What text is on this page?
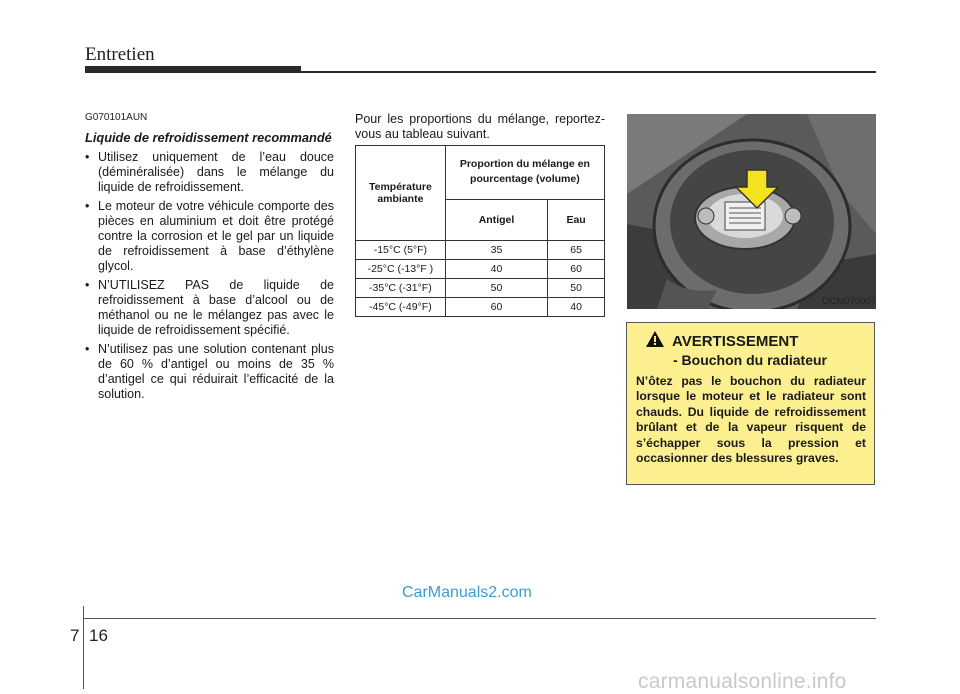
Entretien
G070101AUN
Liquide de refroidissement recommandé
• Utilisez uniquement de l’eau douce (déminéralisée) dans le mélange du liquide de refroidissement.
• Le moteur de votre véhicule comporte des pièces en aluminium et doit être protégé contre la corrosion et le gel par un liquide de refroidissement à base d’éthylène glycol.
• N’UTILISEZ PAS de liquide de refroidissement à base d’alcool ou de méthanol ou ne le mélangez pas avec le liquide de refroidissement spécifié.
• N’utilisez pas une solution contenant plus de 60 % d’antigel ou moins de 35 % d’antigel ce qui réduirait l’efficacité de la solution.
Pour les proportions du mélange, reportez-vous au tableau suivant.
Température ambiante	Proportion du mélange en pourcentage (volume)	
	Antigel	Eau
-15°C (5°F)	35	65
-25°C (-13°F )	40	60
-35°C (-31°F)	50	50
-45°C (-49°F)	60	40	OCM070007
AVERTISSEMENT
- Bouchon du radiateur
N’ôtez pas le bouchon du radiateur lorsque le moteur et le radiateur sont chauds. Du liquide de refroidissement brûlant et de la vapeur risquent de s’échapper sous la pression et occasionner des blessures graves.
CarManuals2.com
7 16
carmanualsonline.info
